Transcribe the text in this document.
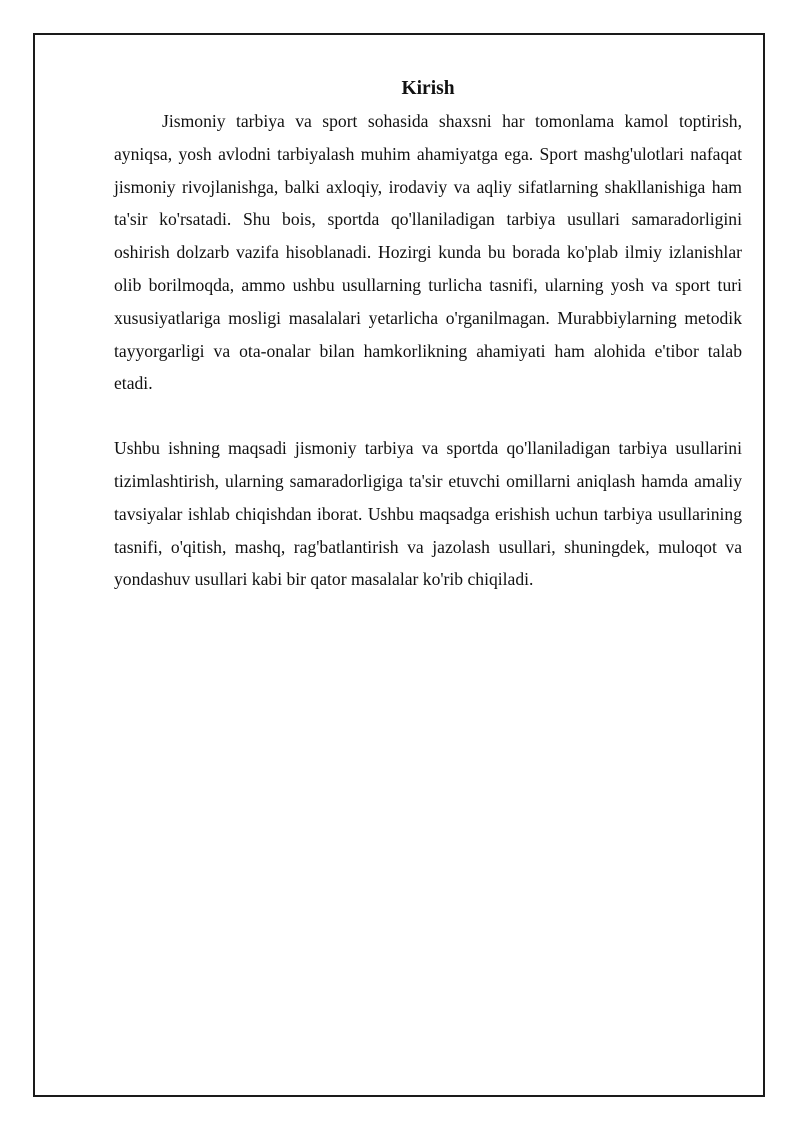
Kirish

Jismoniy tarbiya va sport sohasida shaxsni har tomonlama kamol toptirish, ayniqsa, yosh avlodni tarbiyalash muhim ahamiyatga ega. Sport mashg'ulotlari nafaqat jismoniy rivojlanishga, balki axloqiy, irodaviy va aqliy sifatlarning shakllanishiga ham ta'sir ko'rsatadi. Shu bois, sportda qo'llaniladigan tarbiya usullari samaradorligini oshirish dolzarb vazifa hisoblanadi. Hozirgi kunda bu borada ko'plab ilmiy izlanishlar olib borilmoqda, ammo ushbu usullarning turlicha tasnifi, ularning yosh va sport turi xususiyatlariga mosligi masalalari yetarlicha o'rganilmagan. Murabbiylarning metodik tayyorgarligi va ota-onalar bilan hamkorlikning ahamiyati ham alohida e'tibor talab etadi.

Ushbu ishning maqsadi jismoniy tarbiya va sportda qo'llaniladigan tarbiya usullarini tizimlashtirish, ularning samaradorligiga ta'sir etuvchi omillarni aniqlash hamda amaliy tavsiyalar ishlab chiqishdan iborat. Ushbu maqsadga erishish uchun tarbiya usullarining tasnifi, o'qitish, mashq, rag'batlantirish va jazolash usullari, shuningdek, muloqot va yondashuv usullari kabi bir qator masalalar ko'rib chiqiladi.
